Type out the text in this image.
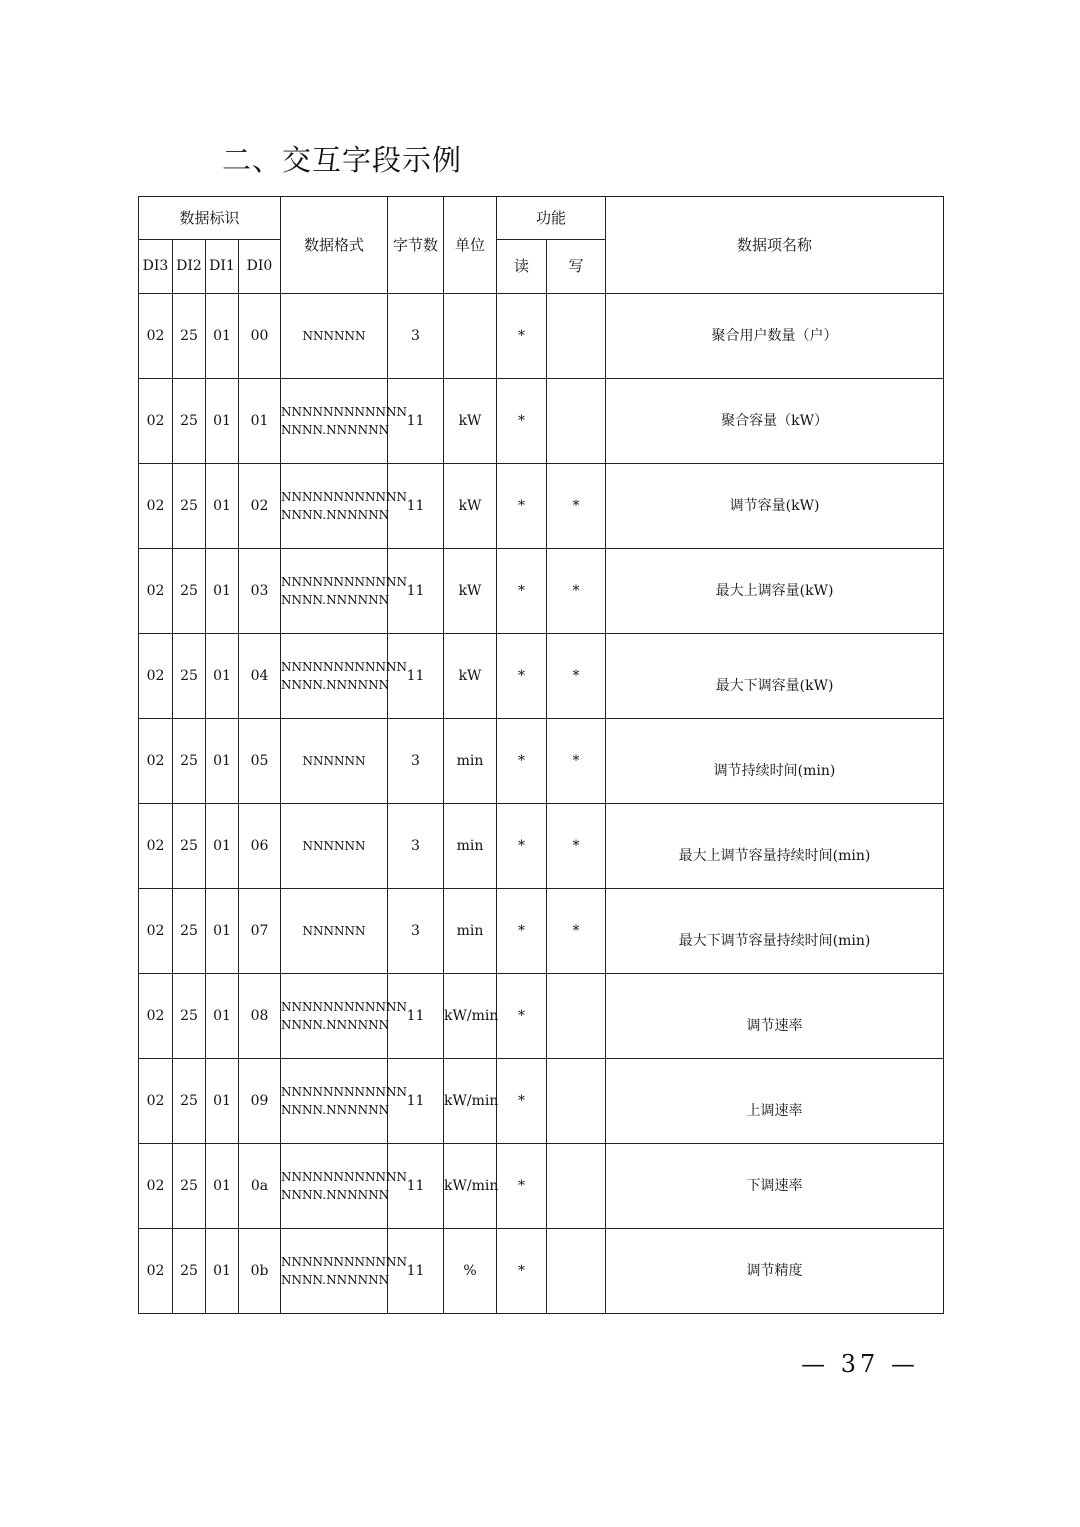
二、交互字段示例
数据标识				数据格式	字节数	单位	功能		数据项名称
DI3	DI2	DI1	DI0				读	写	
02	25	01	00	NNNNNN	3		*		聚合用户数量（户）
02	25	01	01	NNNNNNNNNNNN
NNNN.NNNNNN	11	kW	*		聚合容量（kW）
02	25	01	02	NNNNNNNNNNNN
NNNN.NNNNNN	11	kW	*	*	调节容量(kW)
02	25	01	03	NNNNNNNNNNNN
NNNN.NNNNNN	11	kW	*	*	最大上调容量(kW)
02	25	01	04	NNNNNNNNNNNN
NNNN.NNNNNN	11	kW	*	*	最大下调容量(kW)
02	25	01	05	NNNNNN	3	min	*	*	调节持续时间(min)
02	25	01	06	NNNNNN	3	min	*	*	最大上调节容量持续时间(min)
02	25	01	07	NNNNNN	3	min	*	*	最大下调节容量持续时间(min)
02	25	01	08	NNNNNNNNNNNN
NNNN.NNNNNN	11	kW/min	*		调节速率
02	25	01	09	NNNNNNNNNNNN
NNNN.NNNNNN	11	kW/min	*		上调速率
02	25	01	0a	NNNNNNNNNNNN
NNNN.NNNNNN	11	kW/min	*		下调速率
02	25	01	0b	NNNNNNNNNNNN
NNNN.NNNNNN	11	%	*		调节精度
— 37 —
